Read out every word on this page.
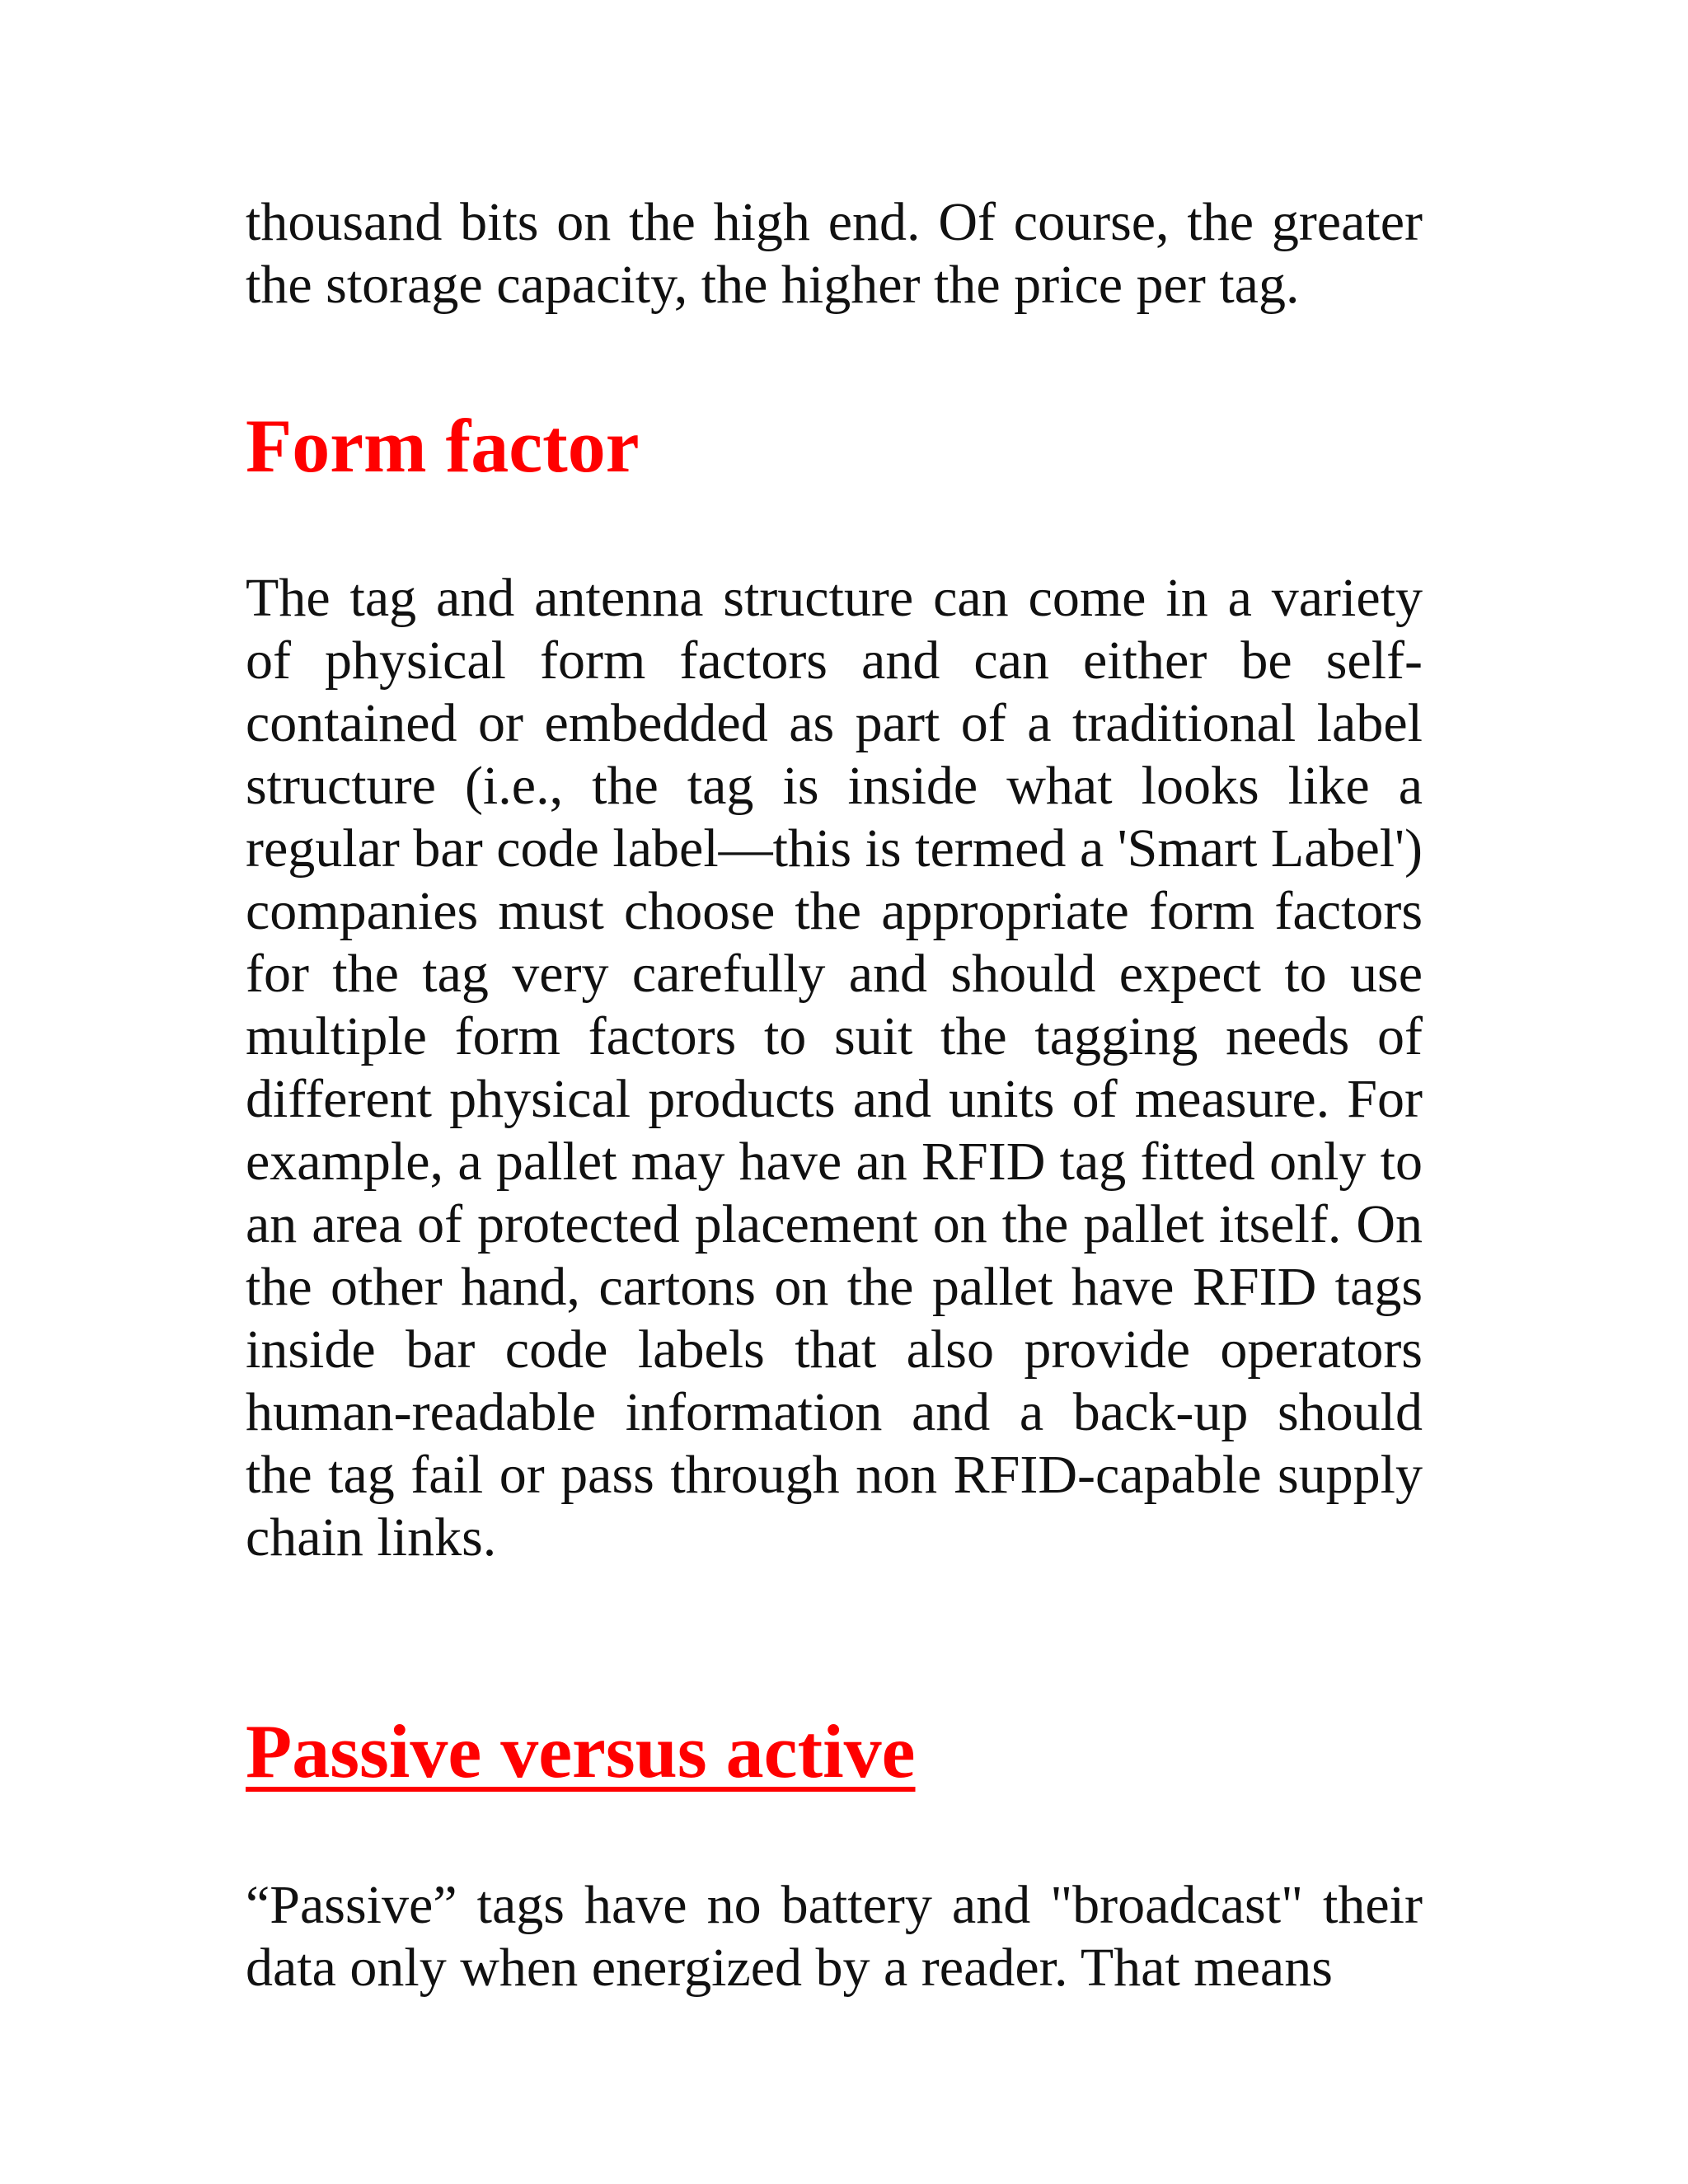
thousand bits on the high end. Of course, the greater the storage capacity, the higher the price per tag.

Form factor

The tag and antenna structure can come in a variety of physical form factors and can either be self-contained or embedded as part of a traditional label structure (i.e., the tag is inside what looks like a regular bar code label—this is termed a 'Smart Label') companies must choose the appropriate form factors for the tag very carefully and should expect to use multiple form factors to suit the tagging needs of different physical products and units of measure. For example, a pallet may have an RFID tag fitted only to an area of protected placement on the pallet itself. On the other hand, cartons on the pallet have RFID tags inside bar code labels that also provide operators human-readable information and a back-up should the tag fail or pass through non RFID-capable supply chain links.

Passive versus active

“Passive” tags have no battery and "broadcast" their data only when energized by a reader. That means
